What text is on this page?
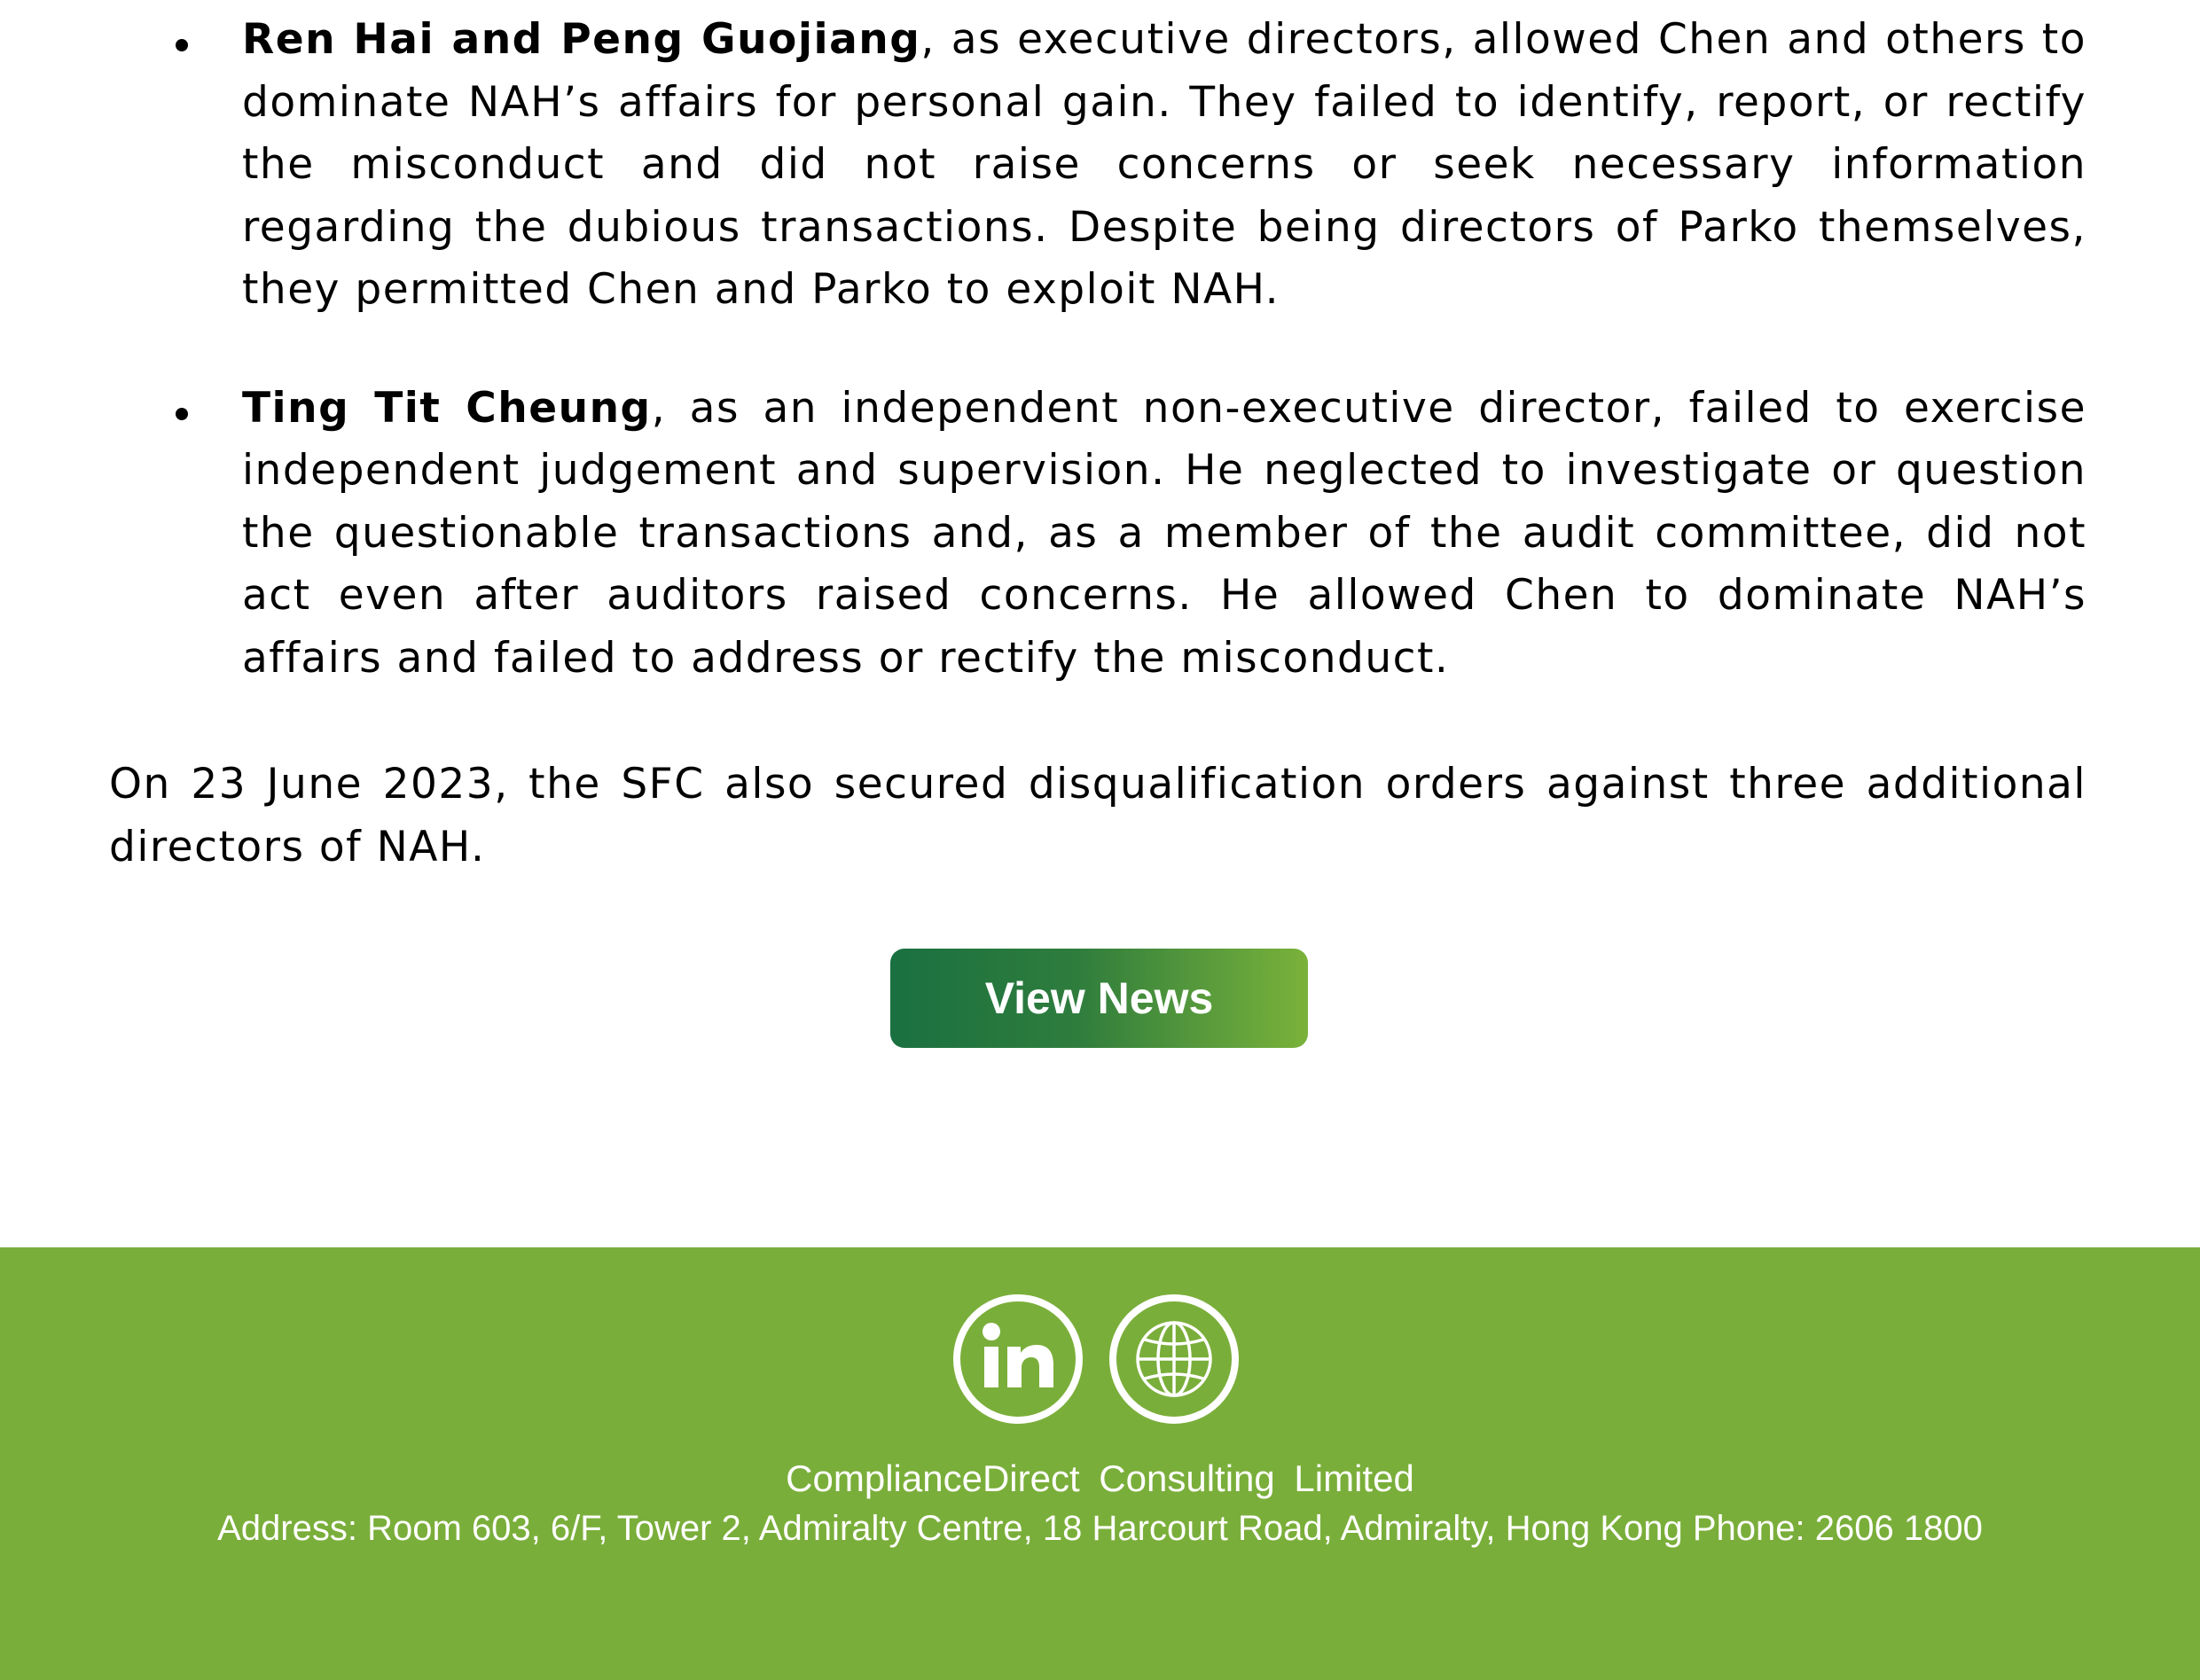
Ren Hai and Peng Guojiang, as executive directors, allowed Chen and others to dominate NAH’s affairs for personal gain. They failed to identify, report, or rectify the misconduct and did not raise concerns or seek necessary information regarding the dubious transactions. Despite being directors of Parko themselves, they permitted Chen and Parko to exploit NAH.
Ting Tit Cheung, as an independent non-executive director, failed to exercise independent judgement and supervision. He neglected to investigate or question the questionable transactions and, as a member of the audit committee, did not act even after auditors raised concerns. He allowed Chen to dominate NAH’s affairs and failed to address or rectify the misconduct.

On 23 June 2023, the SFC also secured disqualification orders against three additional directors of NAH.

View News
ComplianceDirect Consulting Limited
Address: Room 603, 6/F, Tower 2, Admiralty Centre, 18 Harcourt Road, Admiralty, Hong Kong Phone: 2606 1800
